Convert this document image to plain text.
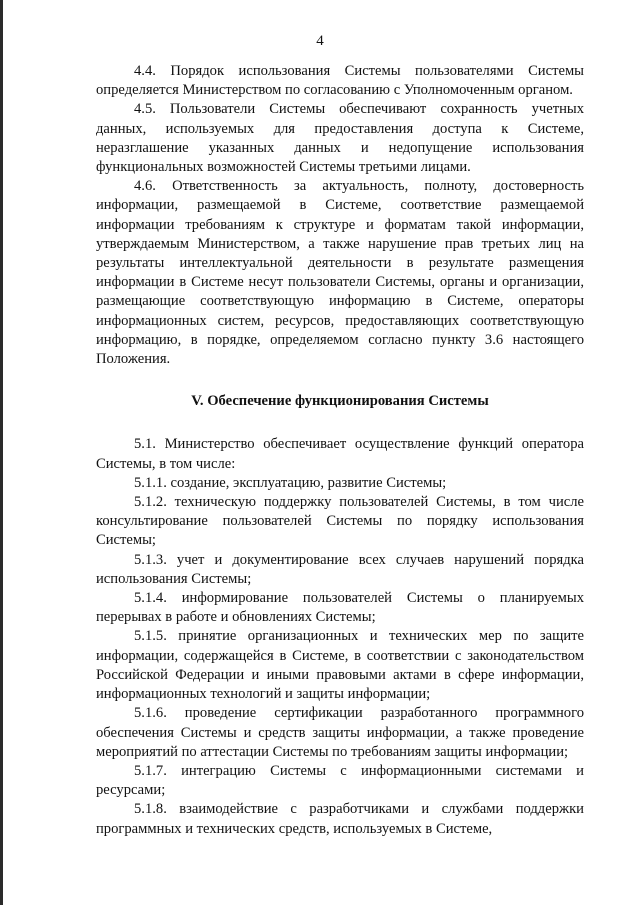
4

4.4. Порядок использования Системы пользователями Системы определяется Министерством по согласованию с Уполномоченным органом.

4.5. Пользователи Системы обеспечивают сохранность учетных данных, используемых для предоставления доступа к Системе, неразглашение указанных данных и недопущение использования функциональных возможностей Системы третьими лицами.

4.6. Ответственность за актуальность, полноту, достоверность информации, размещаемой в Системе, соответствие размещаемой информации требованиям к структуре и форматам такой информации, утверждаемым Министерством, а также нарушение прав третьих лиц на результаты интеллектуальной деятельности в результате размещения информации в Системе несут пользователи Системы, органы и организации, размещающие соответствующую информацию в Системе, операторы информационных систем, ресурсов, предоставляющих соответствующую информацию, в порядке, определяемом согласно пункту 3.6 настоящего Положения.

V. Обеспечение функционирования Системы

5.1. Министерство обеспечивает осуществление функций оператора Системы, в том числе:

5.1.1. создание, эксплуатацию, развитие Системы;

5.1.2. техническую поддержку пользователей Системы, в том числе консультирование пользователей Системы по порядку использования Системы;

5.1.3. учет и документирование всех случаев нарушений порядка использования Системы;

5.1.4. информирование пользователей Системы о планируемых перерывах в работе и обновлениях Системы;

5.1.5. принятие организационных и технических мер по защите информации, содержащейся в Системе, в соответствии с законодательством Российской Федерации и иными правовыми актами в сфере информации, информационных технологий и защиты информации;

5.1.6. проведение сертификации разработанного программного обеспечения Системы и средств защиты информации, а также проведение мероприятий по аттестации Системы по требованиям защиты информации;

5.1.7. интеграцию Системы с информационными системами и ресурсами;

5.1.8. взаимодействие с разработчиками и службами поддержки программных и технических средств, используемых в Системе,
